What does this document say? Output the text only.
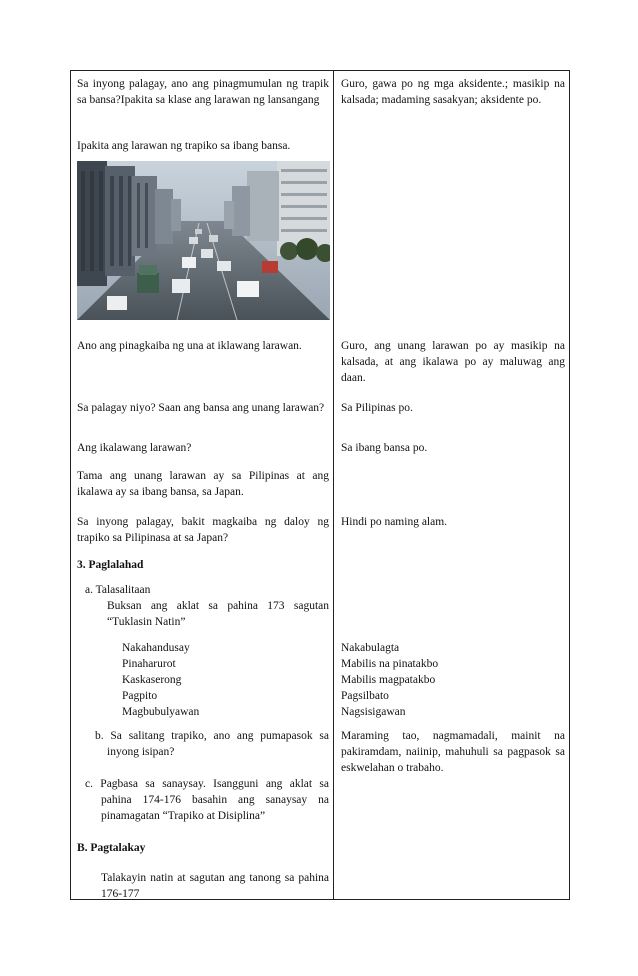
Sa inyong palagay, ano ang pinagmumulan ng trapik sa bansa?Ipakita sa klase ang larawan ng lansangang
Ipakita ang larawan ng trapiko sa ibang bansa.
Ano ang pinagkaiba ng una at iklawang larawan.
Sa palagay niyo? Saan ang bansa ang unang larawan?
Ang ikalawang larawan?
Tama ang unang larawan ay sa Pilipinas at ang ikalawa ay sa ibang bansa, sa Japan.
Sa inyong palagay, bakit magkaiba ng daloy ng trapiko sa Pilipinasa at sa Japan?
3. Paglalahad
a. Talasalitaan
Buksan ang aklat sa pahina 173 sagutan “Tuklasin Natin”
Nakahandusay
Pinaharurot
Kaskaserong
Pagpito
Magbubulyawan
b. Sa salitang trapiko, ano ang pumapasok sa inyong isipan?
c. Pagbasa sa sanaysay. Isangguni ang aklat sa pahina 174-176 basahin ang sanaysay na pinamagatan “Trapiko at Disiplina”
B. Pagtalakay
Talakayin natin at sagutan ang tanong sa pahina 176-177
Guro, gawa po ng mga aksidente.; masikip na kalsada; madaming sasakyan; aksidente po.
Guro, ang unang larawan po ay masikip na kalsada, at ang ikalawa po ay maluwag ang daan.
Sa Pilipinas po.
Sa ibang bansa po.
Hindi po naming alam.
Nakabulagta
Mabilis na pinatakbo
Mabilis magpatakbo
Pagsilbato
Nagsisigawan
Maraming tao, nagmamadali, mainit na pakiramdam, naiinip, mahuhuli sa pagpasok sa eskwelahan o trabaho.
